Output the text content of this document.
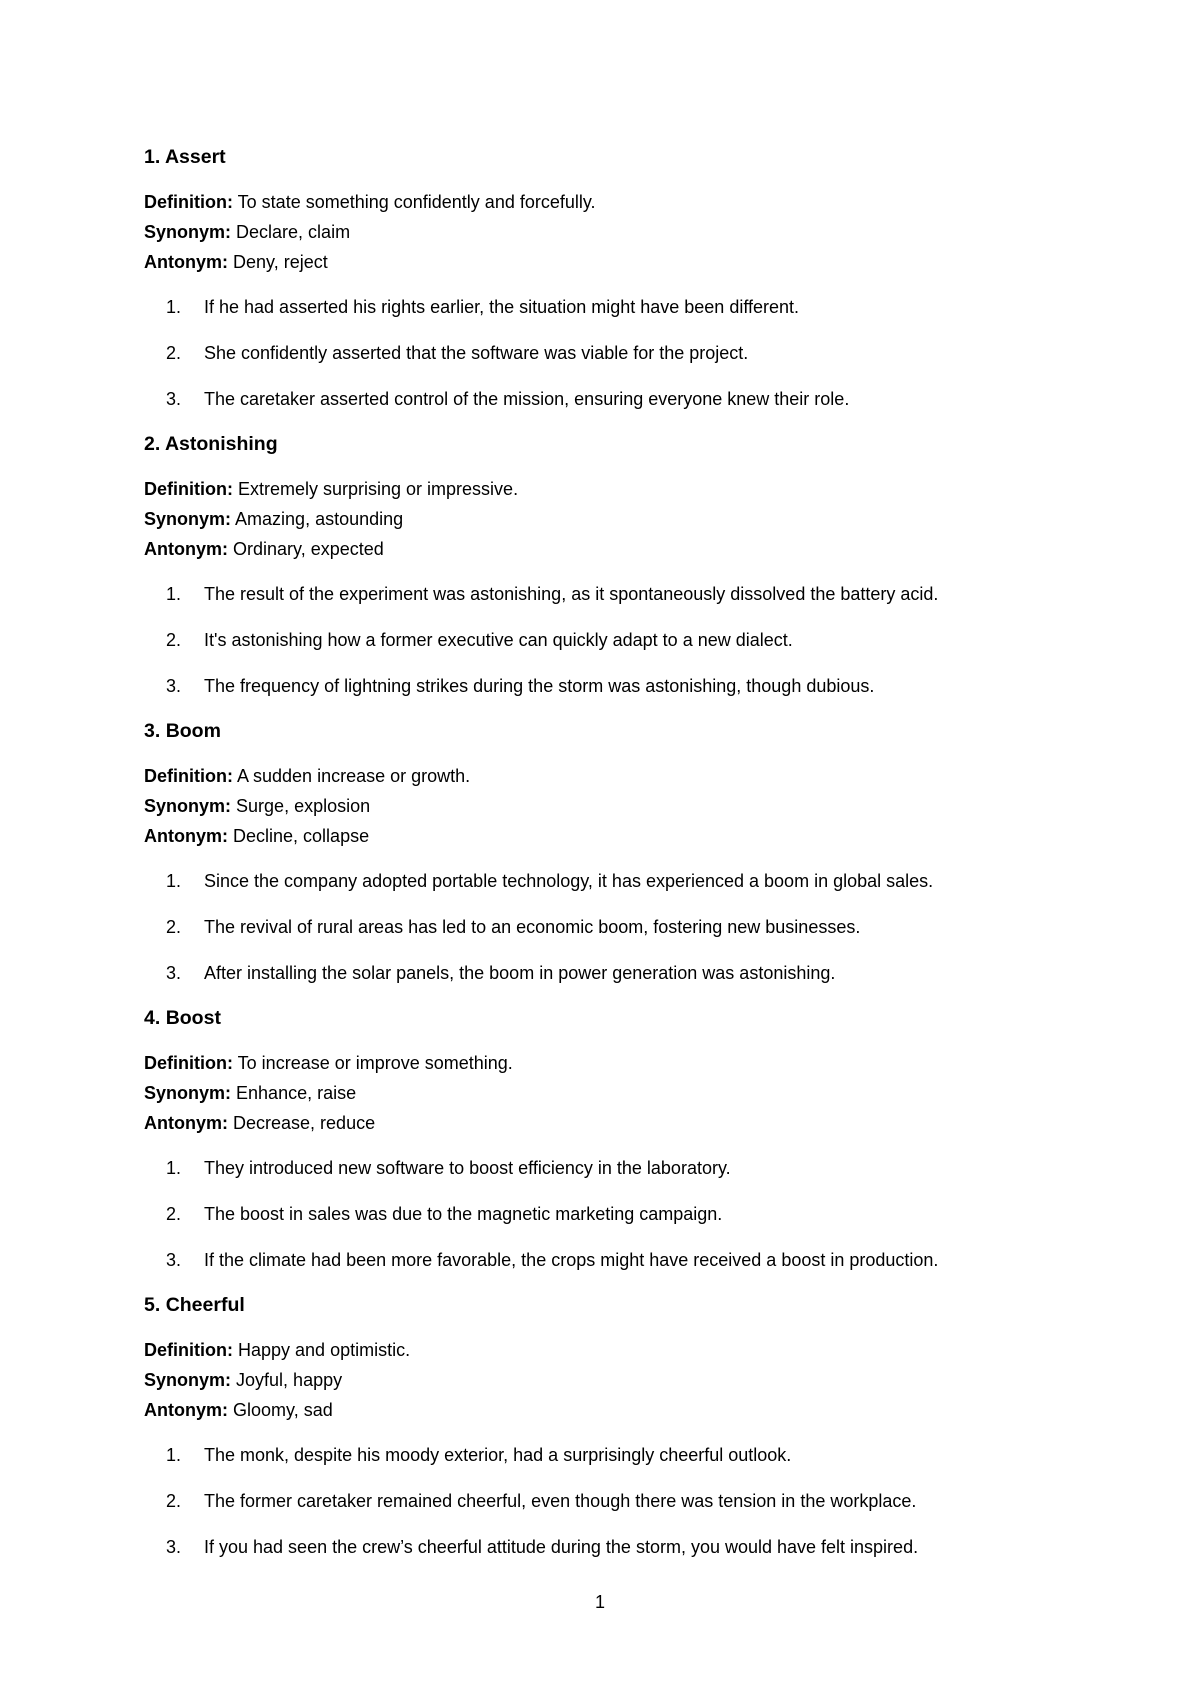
1. Assert
Definition: To state something confidently and forcefully.
Synonym: Declare, claim
Antonym: Deny, reject
1. If he had asserted his rights earlier, the situation might have been different.
2. She confidently asserted that the software was viable for the project.
3. The caretaker asserted control of the mission, ensuring everyone knew their role.
2. Astonishing
Definition: Extremely surprising or impressive.
Synonym: Amazing, astounding
Antonym: Ordinary, expected
1. The result of the experiment was astonishing, as it spontaneously dissolved the battery acid.
2. It's astonishing how a former executive can quickly adapt to a new dialect.
3. The frequency of lightning strikes during the storm was astonishing, though dubious.
3. Boom
Definition: A sudden increase or growth.
Synonym: Surge, explosion
Antonym: Decline, collapse
1. Since the company adopted portable technology, it has experienced a boom in global sales.
2. The revival of rural areas has led to an economic boom, fostering new businesses.
3. After installing the solar panels, the boom in power generation was astonishing.
4. Boost
Definition: To increase or improve something.
Synonym: Enhance, raise
Antonym: Decrease, reduce
1. They introduced new software to boost efficiency in the laboratory.
2. The boost in sales was due to the magnetic marketing campaign.
3. If the climate had been more favorable, the crops might have received a boost in production.
5. Cheerful
Definition: Happy and optimistic.
Synonym: Joyful, happy
Antonym: Gloomy, sad
1. The monk, despite his moody exterior, had a surprisingly cheerful outlook.
2. The former caretaker remained cheerful, even though there was tension in the workplace.
3. If you had seen the crew’s cheerful attitude during the storm, you would have felt inspired.
1
